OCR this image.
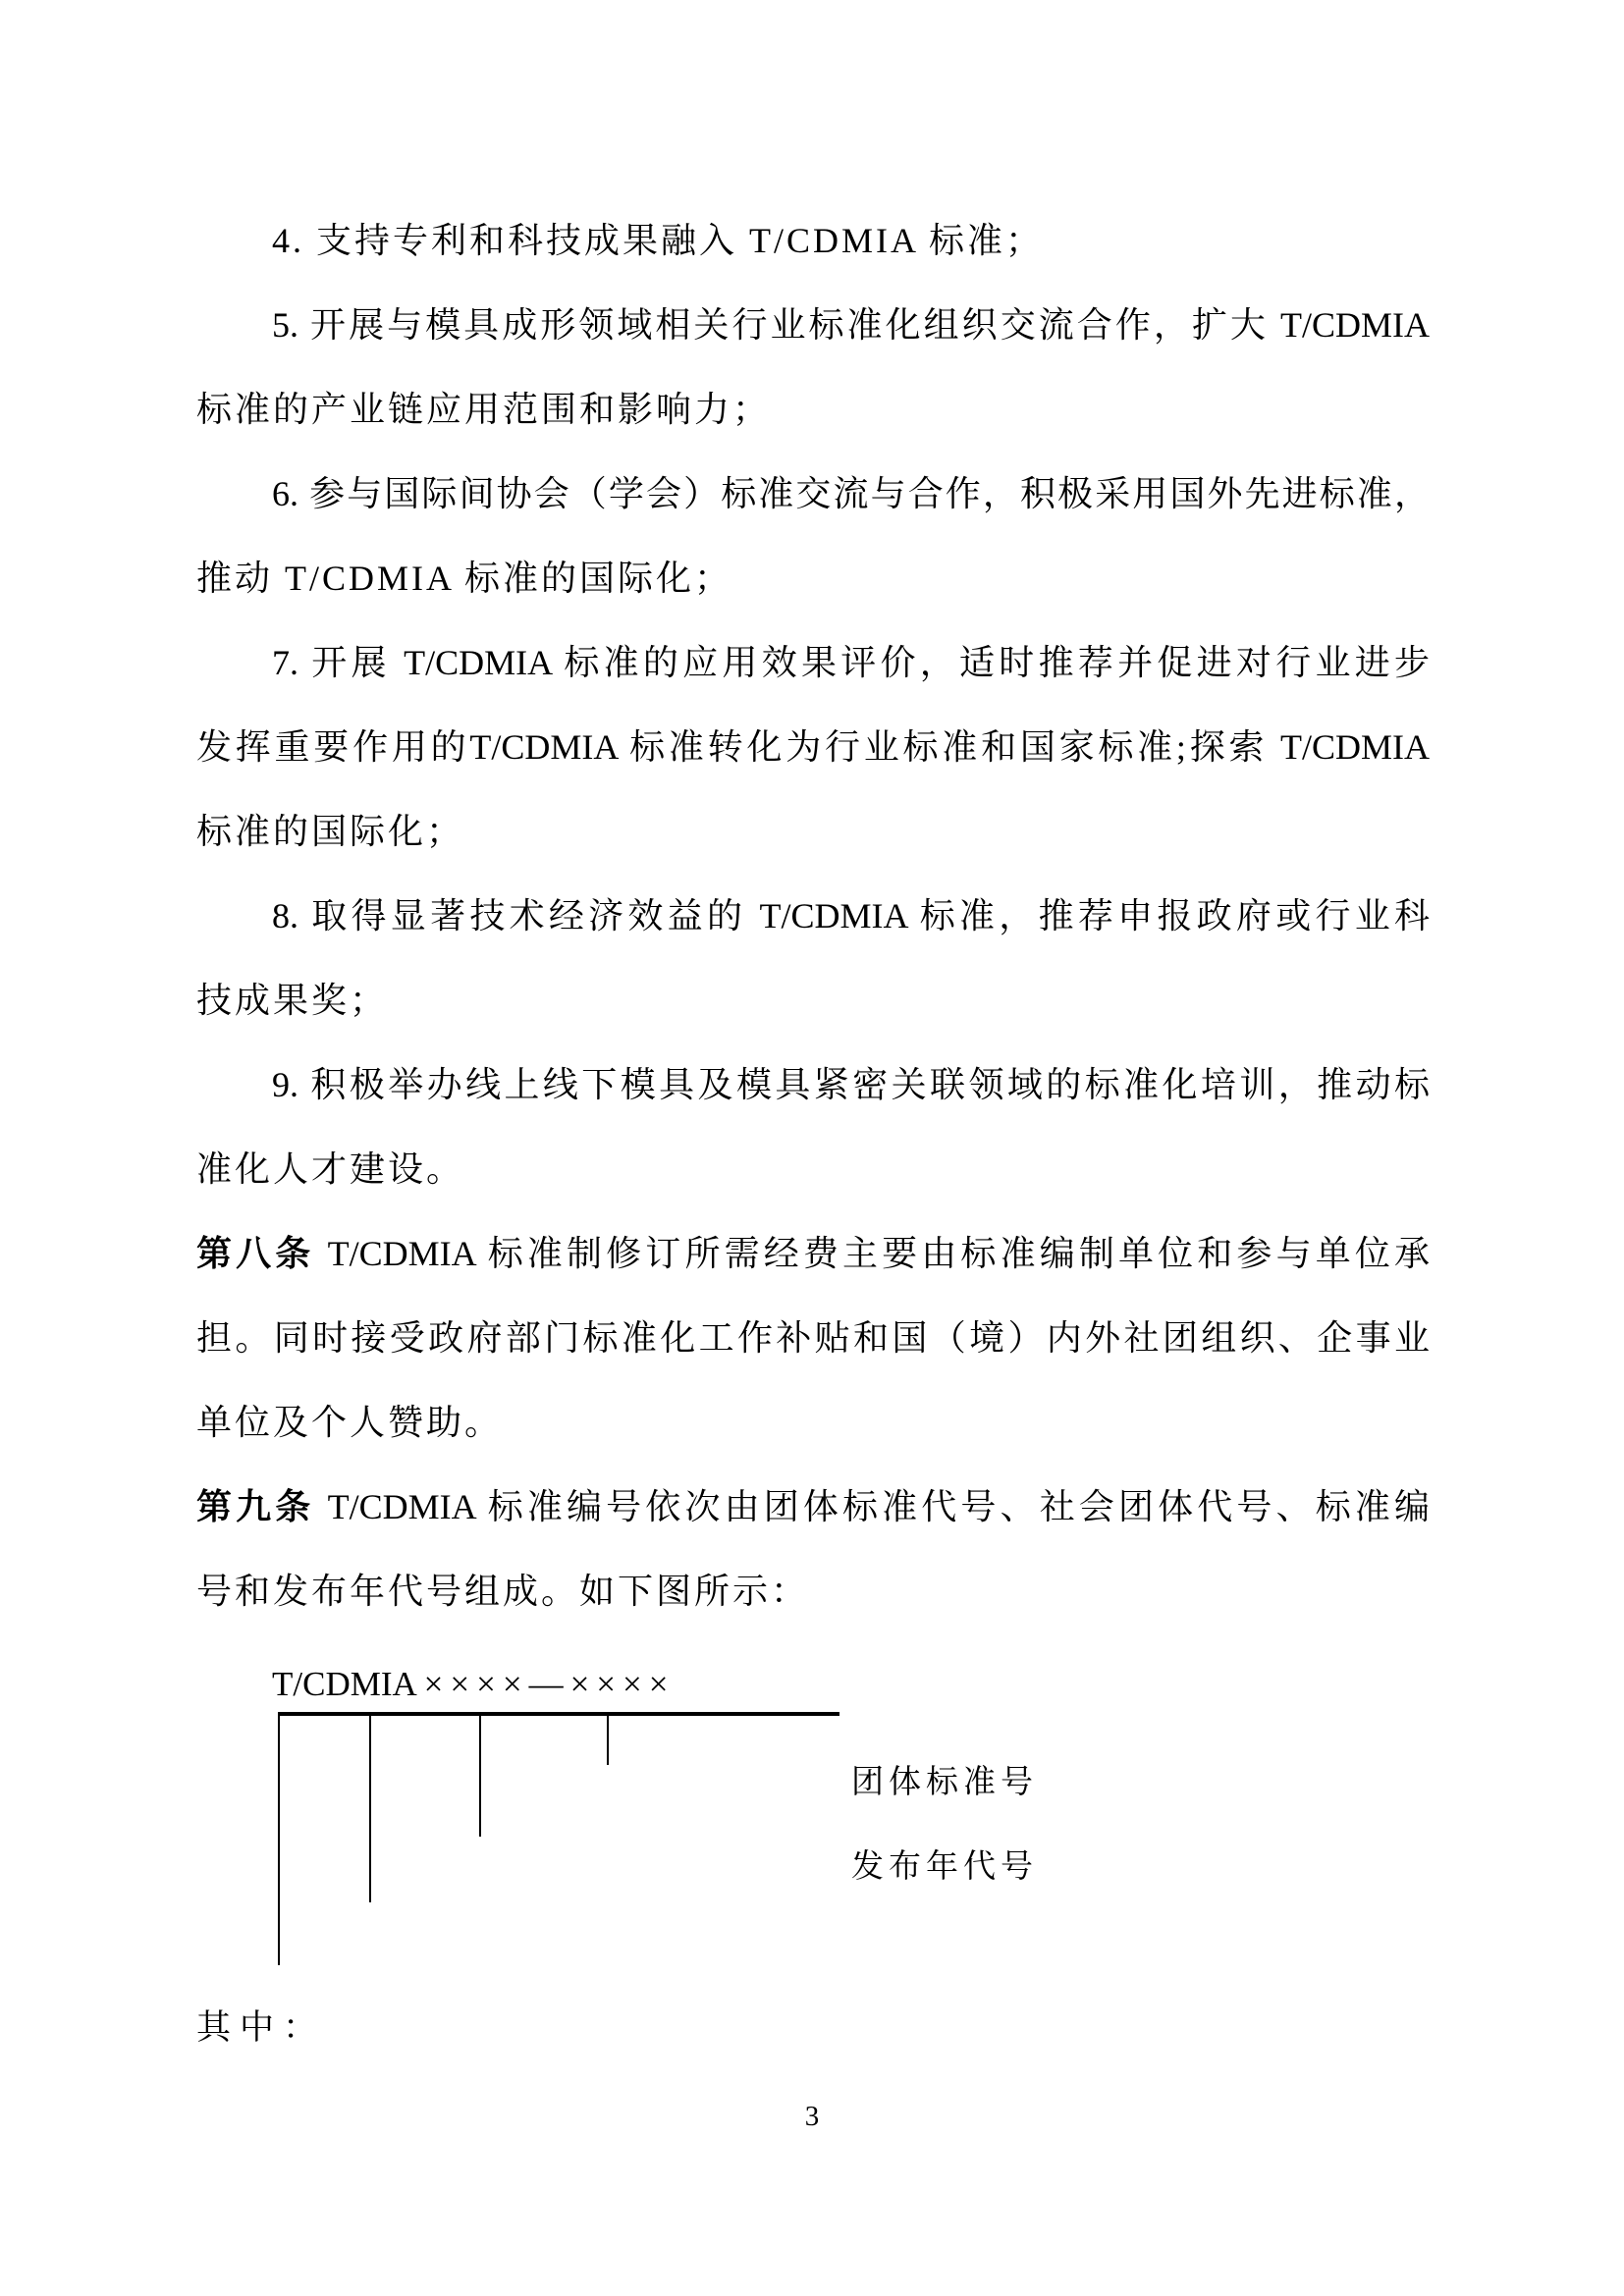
4. 支持专利和科技成果融入 T/CDMIA 标准；
5. 开展与模具成形领域相关行业标准化组织交流合作，扩大 T/CDMIA
标准的产业链应用范围和影响力；
6. 参与国际间协会（学会）标准交流与合作，积极采用国外先进标准，
推动 T/CDMIA 标准的国际化；
7. 开展 T/CDMIA 标准的应用效果评价，适时推荐并促进对行业进步
发挥重要作用的T/CDMIA 标准转化为行业标准和国家标准;探索 T/CDMIA
标准的国际化；
8. 取得显著技术经济效益的 T/CDMIA 标准，推荐申报政府或行业科
技成果奖；
9. 积极举办线上线下模具及模具紧密关联领域的标准化培训，推动标
准化人才建设。
第八条 T/CDMIA 标准制修订所需经费主要由标准编制单位和参与单位承
担。同时接受政府部门标准化工作补贴和国（境）内外社团组织、企事业
单位及个人赞助。
第九条 T/CDMIA 标准编号依次由团体标准代号、社会团体代号、标准编
号和发布年代号组成。如下图所示：
T/CDMIA ××××—××××
团体标准号
发布年代号
其中：
3
